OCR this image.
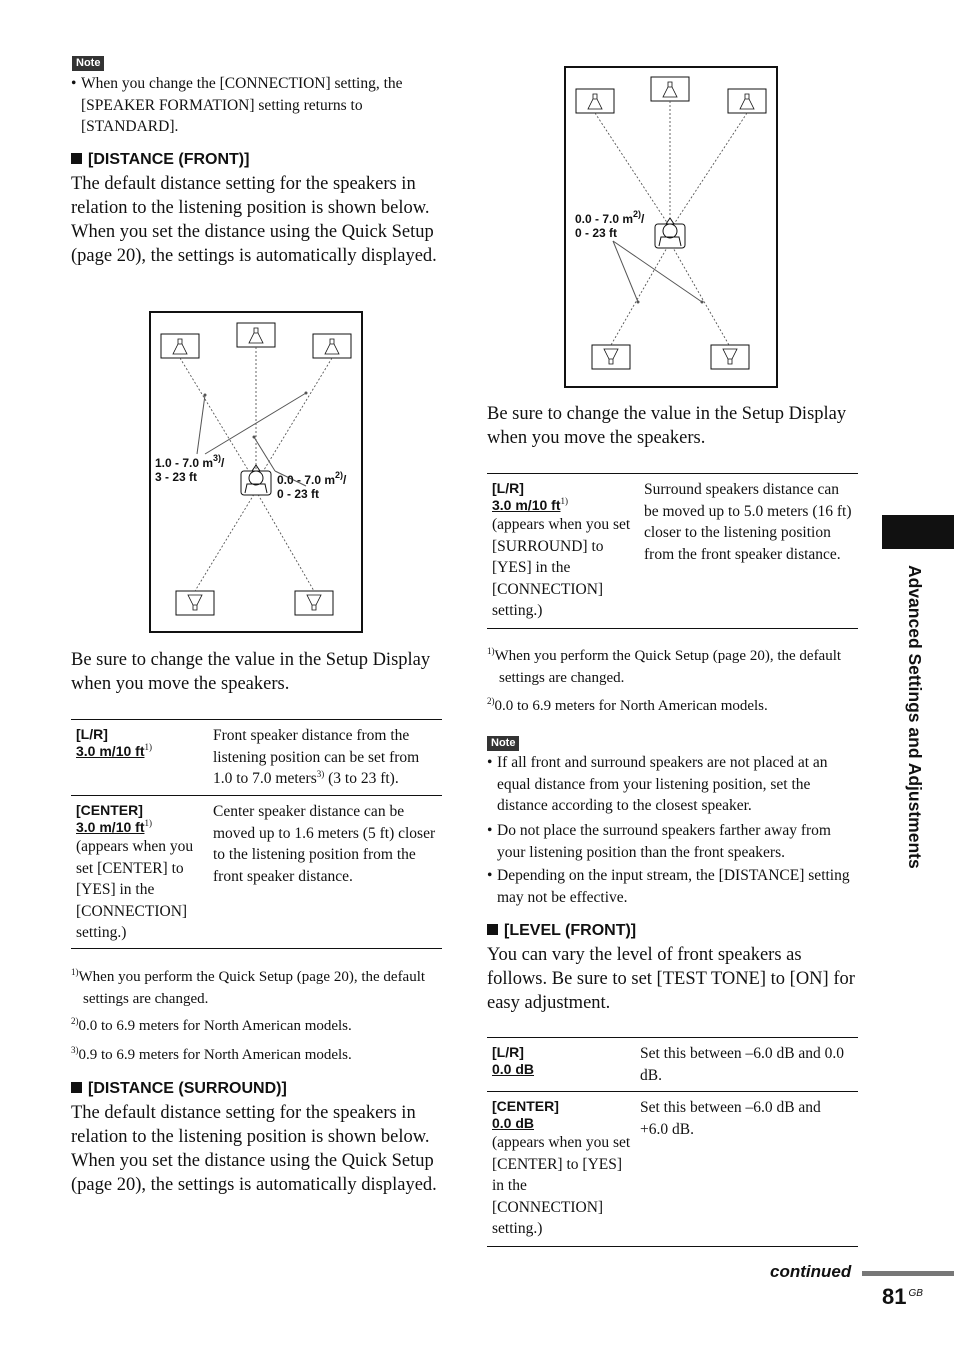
Note
• When you change the [CONNECTION] setting, the [SPEAKER FORMATION] setting returns to [STANDARD].
[DISTANCE (FRONT)]
The default distance setting for the speakers in relation to the listening position is shown below. When you set the distance using the Quick Setup (page 20), the settings is automatically displayed.
1.0 - 7.0 $m^{3)}/$
3 - 23 ft	0.0 - 7.0 $m^{2)}/$
0 - 23 ft
Be sure to change the value in the Setup Display when you move the speakers.
[L/R]
3.0 m/10 $ft^{1)}$
Front speaker distance from the listening position can be set from 1.0 to 7.0 meters$^{3)}$ (3 to 23 ft).
[CENTER]
3.0 m/10 $ft^{1)}$
(appears when you set [CENTER] to [YES] in the [CONNECTION] setting.)
Center speaker distance can be moved up to 1.6 meters (5 ft) closer to the listening position from the front speaker distance.
$^{1)}$When you perform the Quick Setup (page 20), the default settings are changed.
$^{2)}$0.0 to 6.9 meters for North American models.
$^{3)}$0.9 to 6.9 meters for North American models.
[DISTANCE (SURROUND)]
The default distance setting for the speakers in relation to the listening position is shown below. When you set the distance using the Quick Setup (page 20), the settings is automatically displayed.
0.0 - 7.0 $m^{2)}/$
0 - 23 ft
Be sure to change the value in the Setup Display when you move the speakers.
[L/R]
3.0 m/10 $ft^{1)}$
(appears when you set [SURROUND] to [YES] in the [CONNECTION] setting.)
Surround speakers distance can be moved up to 5.0 meters (16 ft) closer to the listening position from the front speaker distance.
$^{1)}$When you perform the Quick Setup (page 20), the default settings are changed.
$^{2)}$0.0 to 6.9 meters for North American models.
Note
• If all front and surround speakers are not placed at an equal distance from your listening position, set the distance according to the closest speaker.
• Do not place the surround speakers farther away from your listening position than the front speakers.
• Depending on the input stream, the [DISTANCE] setting may not be effective.
[LEVEL (FRONT)]
You can vary the level of front speakers as follows. Be sure to set [TEST TONE] to [ON] for easy adjustment.
[L/R]
0.0 dB
Set this between –6.0 dB and 0.0 dB.
[CENTER]
0.0 dB
(appears when you set [CENTER] to [YES] in the [CONNECTION] setting.)
Set this between –6.0 dB and +6.0 dB.
Advanced Settings and Adjustments
continued
81 $^{GB}$
